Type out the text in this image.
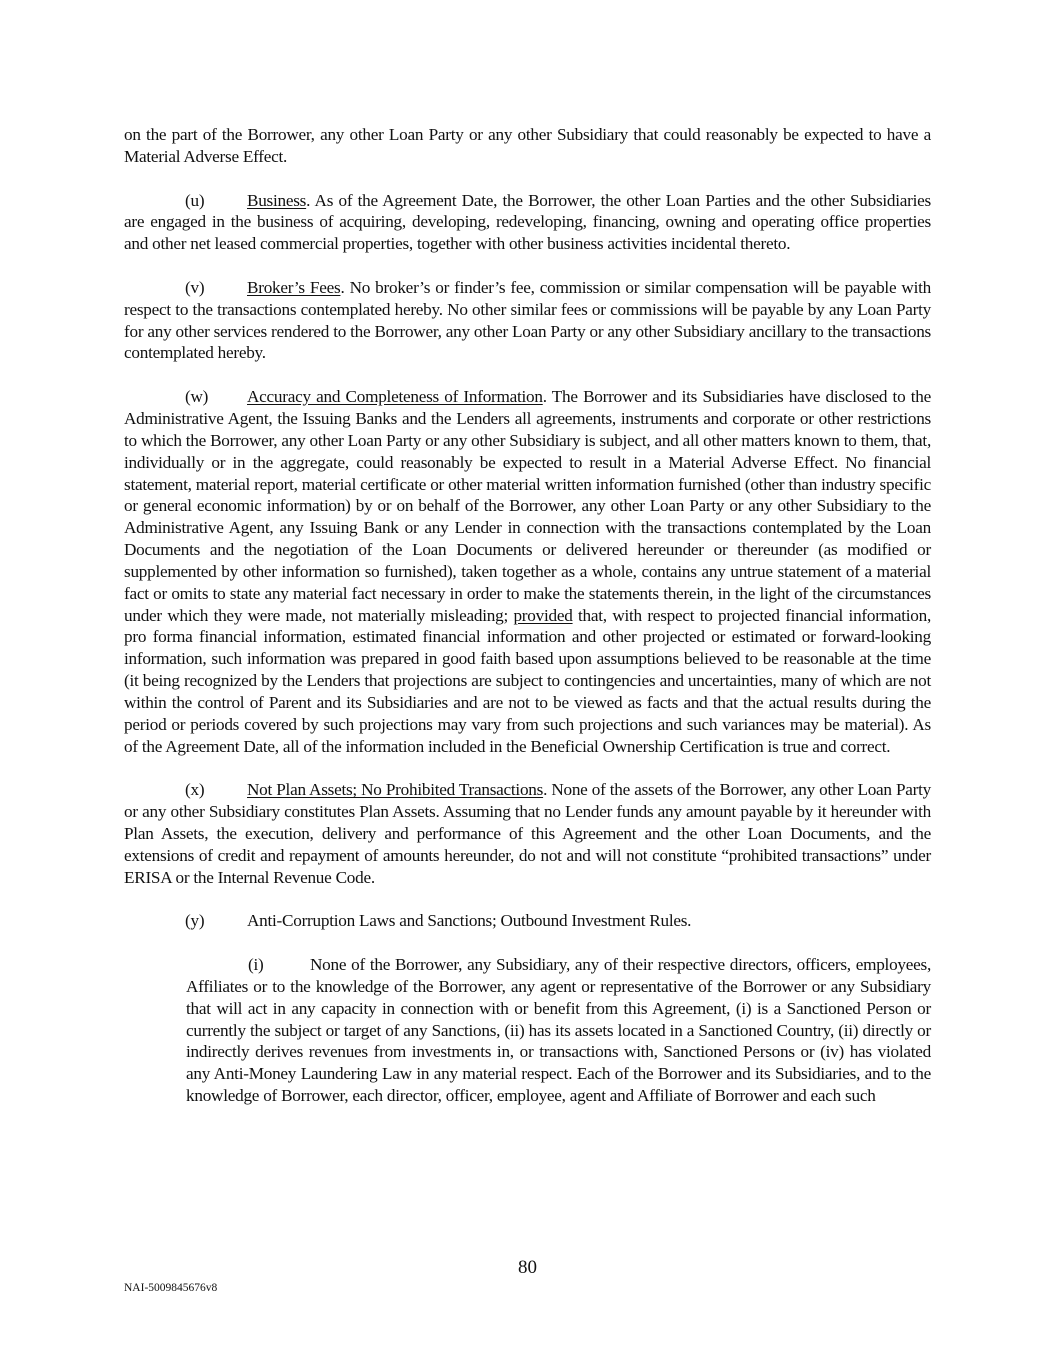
on the part of the Borrower, any other Loan Party or any other Subsidiary that could reasonably be expected to have a Material Adverse Effect.

(u) Business. As of the Agreement Date, the Borrower, the other Loan Parties and the other Subsidiaries are engaged in the business of acquiring, developing, redeveloping, financing, owning and operating office properties and other net leased commercial properties, together with other business activities incidental thereto.

(v) Broker’s Fees. No broker’s or finder’s fee, commission or similar compensation will be payable with respect to the transactions contemplated hereby. No other similar fees or commissions will be payable by any Loan Party for any other services rendered to the Borrower, any other Loan Party or any other Subsidiary ancillary to the transactions contemplated hereby.

(w) Accuracy and Completeness of Information. The Borrower and its Subsidiaries have disclosed to the Administrative Agent, the Issuing Banks and the Lenders all agreements, instruments and corporate or other restrictions to which the Borrower, any other Loan Party or any other Subsidiary is subject, and all other matters known to them, that, individually or in the aggregate, could reasonably be expected to result in a Material Adverse Effect. No financial statement, material report, material certificate or other material written information furnished (other than industry specific or general economic information) by or on behalf of the Borrower, any other Loan Party or any other Subsidiary to the Administrative Agent, any Issuing Bank or any Lender in connection with the transactions contemplated by the Loan Documents and the negotiation of the Loan Documents or delivered hereunder or thereunder (as modified or supplemented by other information so furnished), taken together as a whole, contains any untrue statement of a material fact or omits to state any material fact necessary in order to make the statements therein, in the light of the circumstances under which they were made, not materially misleading; provided that, with respect to projected financial information, pro forma financial information, estimated financial information and other projected or estimated or forward-looking information, such information was prepared in good faith based upon assumptions believed to be reasonable at the time (it being recognized by the Lenders that projections are subject to contingencies and uncertainties, many of which are not within the control of Parent and its Subsidiaries and are not to be viewed as facts and that the actual results during the period or periods covered by such projections may vary from such projections and such variances may be material). As of the Agreement Date, all of the information included in the Beneficial Ownership Certification is true and correct.

(x) Not Plan Assets; No Prohibited Transactions. None of the assets of the Borrower, any other Loan Party or any other Subsidiary constitutes Plan Assets. Assuming that no Lender funds any amount payable by it hereunder with Plan Assets, the execution, delivery and performance of this Agreement and the other Loan Documents, and the extensions of credit and repayment of amounts hereunder, do not and will not constitute “prohibited transactions” under ERISA or the Internal Revenue Code.

(y) Anti-Corruption Laws and Sanctions; Outbound Investment Rules.

(i)	None of the Borrower, any Subsidiary, any of their respective directors, officers, employees, Affiliates or to the knowledge of the Borrower, any agent or representative of the Borrower or any Subsidiary that will act in any capacity in connection with or benefit from this Agreement, (i) is a Sanctioned Person or currently the subject or target of any Sanctions, (ii) has its assets located in a Sanctioned Country, (ii) directly or indirectly derives revenues from investments in, or transactions with, Sanctioned Persons or (iv) has violated any Anti-Money Laundering Law in any material respect. Each of the Borrower and its Subsidiaries, and to the knowledge of Borrower, each director, officer, employee, agent and Affiliate of Borrower and each such

80
NAI-5009845676v8
